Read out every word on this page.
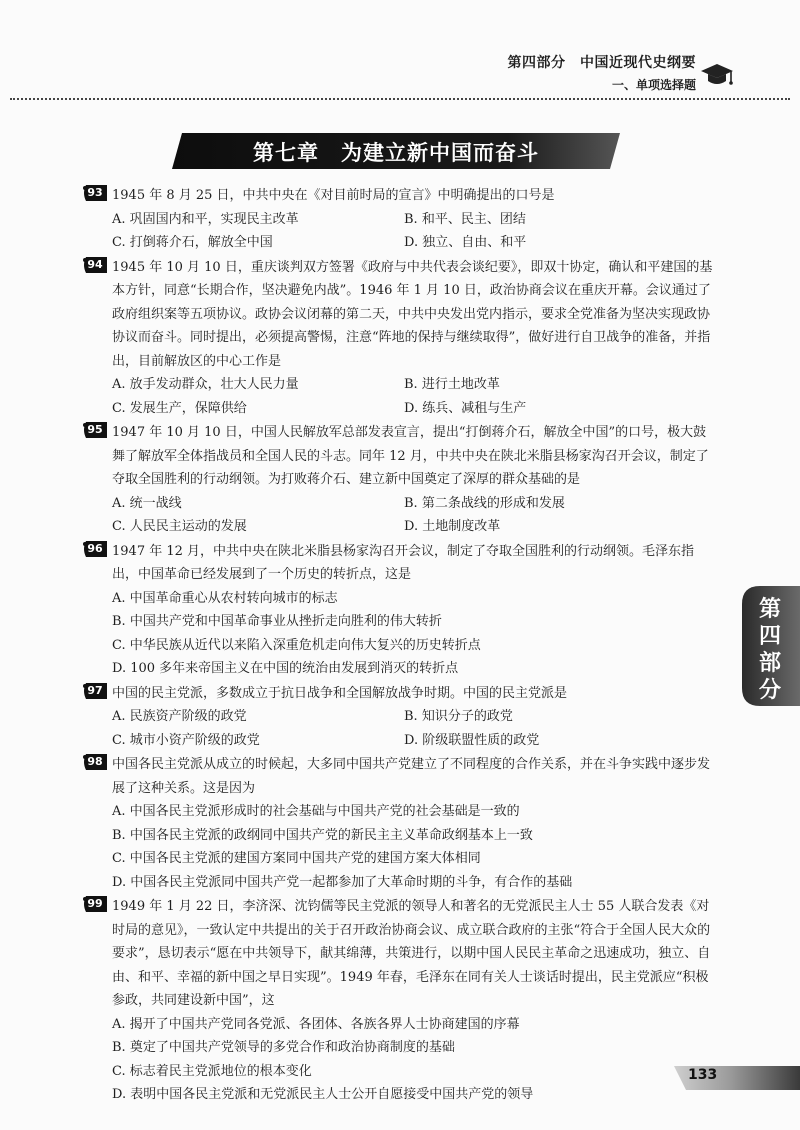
第四部分　中国近现代史纲要
一、单项选择题
第七章　为建立新中国而奋斗
93 1945 年 8 月 25 日，中共中央在《对目前时局的宣言》中明确提出的口号是
A. 巩固国内和平，实现民主改革	B. 和平、民主、团结
C. 打倒蒋介石，解放全中国	D. 独立、自由、和平
94 1945 年 10 月 10 日，重庆谈判双方签署《政府与中共代表会谈纪要》，即双十协定，确认和平建国的基本方针，同意“长期合作，坚决避免内战”。1946 年 1 月 10 日，政治协商会议在重庆开幕。会议通过了政府组织案等五项协议。政协会议闭幕的第二天，中共中央发出党内指示，要求全党准备为坚决实现政协协议而奋斗。同时提出，必须提高警惕，注意“阵地的保持与继续取得”，做好进行自卫战争的准备，并指出，目前解放区的中心工作是
A. 放手发动群众，壮大人民力量	B. 进行土地改革
C. 发展生产，保障供给	D. 练兵、减租与生产
95 1947 年 10 月 10 日，中国人民解放军总部发表宣言，提出“打倒蒋介石，解放全中国”的口号，极大鼓舞了解放军全体指战员和全国人民的斗志。同年 12 月，中共中央在陕北米脂县杨家沟召开会议，制定了夺取全国胜利的行动纲领。为打败蒋介石、建立新中国奠定了深厚的群众基础的是
A. 统一战线	B. 第二条战线的形成和发展
C. 人民民主运动的发展	D. 土地制度改革
96 1947 年 12 月，中共中央在陕北米脂县杨家沟召开会议，制定了夺取全国胜利的行动纲领。毛泽东指出，中国革命已经发展到了一个历史的转折点，这是
A. 中国革命重心从农村转向城市的标志
B. 中国共产党和中国革命事业从挫折走向胜利的伟大转折
C. 中华民族从近代以来陷入深重危机走向伟大复兴的历史转折点
D. 100 多年来帝国主义在中国的统治由发展到消灭的转折点
97 中国的民主党派，多数成立于抗日战争和全国解放战争时期。中国的民主党派是
A. 民族资产阶级的政党	B. 知识分子的政党
C. 城市小资产阶级的政党	D. 阶级联盟性质的政党
98 中国各民主党派从成立的时候起，大多同中国共产党建立了不同程度的合作关系，并在斗争实践中逐步发展了这种关系。这是因为
A. 中国各民主党派形成时的社会基础与中国共产党的社会基础是一致的
B. 中国各民主党派的政纲同中国共产党的新民主主义革命政纲基本上一致
C. 中国各民主党派的建国方案同中国共产党的建国方案大体相同
D. 中国各民主党派同中国共产党一起都参加了大革命时期的斗争，有合作的基础
99 1949 年 1 月 22 日，李济深、沈钧儒等民主党派的领导人和著名的无党派民主人士 55 人联合发表《对时局的意见》，一致认定中共提出的关于召开政治协商会议、成立联合政府的主张“符合于全国人民大众的要求”，恳切表示“愿在中共领导下，献其绵薄，共策进行，以期中国人民民主革命之迅速成功，独立、自由、和平、幸福的新中国之早日实现”。1949 年春，毛泽东在同有关人士谈话时提出，民主党派应“积极参政，共同建设新中国”，这
A. 揭开了中国共产党同各党派、各团体、各族各界人士协商建国的序幕
B. 奠定了中国共产党领导的多党合作和政治协商制度的基础
C. 标志着民主党派地位的根本变化
D. 表明中国各民主党派和无党派民主人士公开自愿接受中国共产党的领导
第四
部分
133
